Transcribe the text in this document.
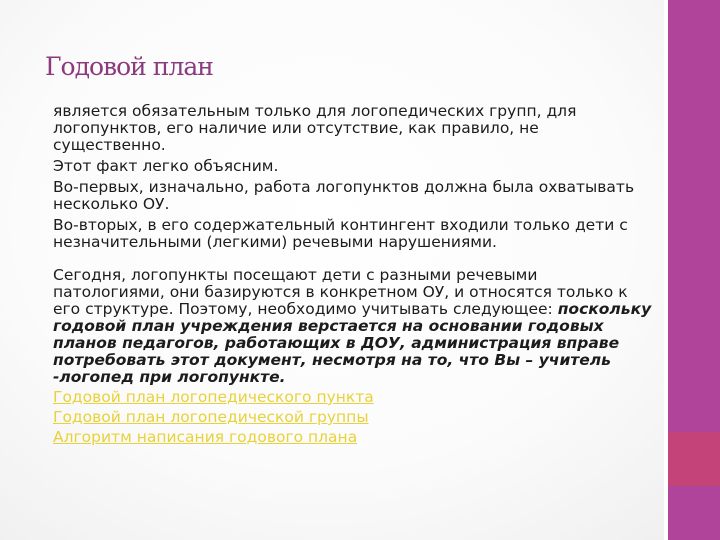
Годовой план

является обязательным только для логопедических групп, для логопунктов, его наличие или отсутствие, как правило, не существенно.

Этот факт легко объясним.

Во-первых, изначально, работа логопунктов должна была охватывать несколько ОУ.

Во-вторых, в его содержательный контингент входили только дети с незначительными (легкими) речевыми нарушениями.

Сегодня, логопункты посещают дети с разными речевыми патологиями, они базируются в конкретном ОУ, и относятся только к его структуре. Поэтому, необходимо учитывать следующее: поскольку годовой план учреждения верстается на основании годовых планов педагогов, работающих в ДОУ, администрация вправе потребовать этот документ, несмотря на то, что Вы – учитель -логопед при логопункте.

Годовой план логопедического пункта
Годовой план логопедической группы
Алгоритм написания годового плана
